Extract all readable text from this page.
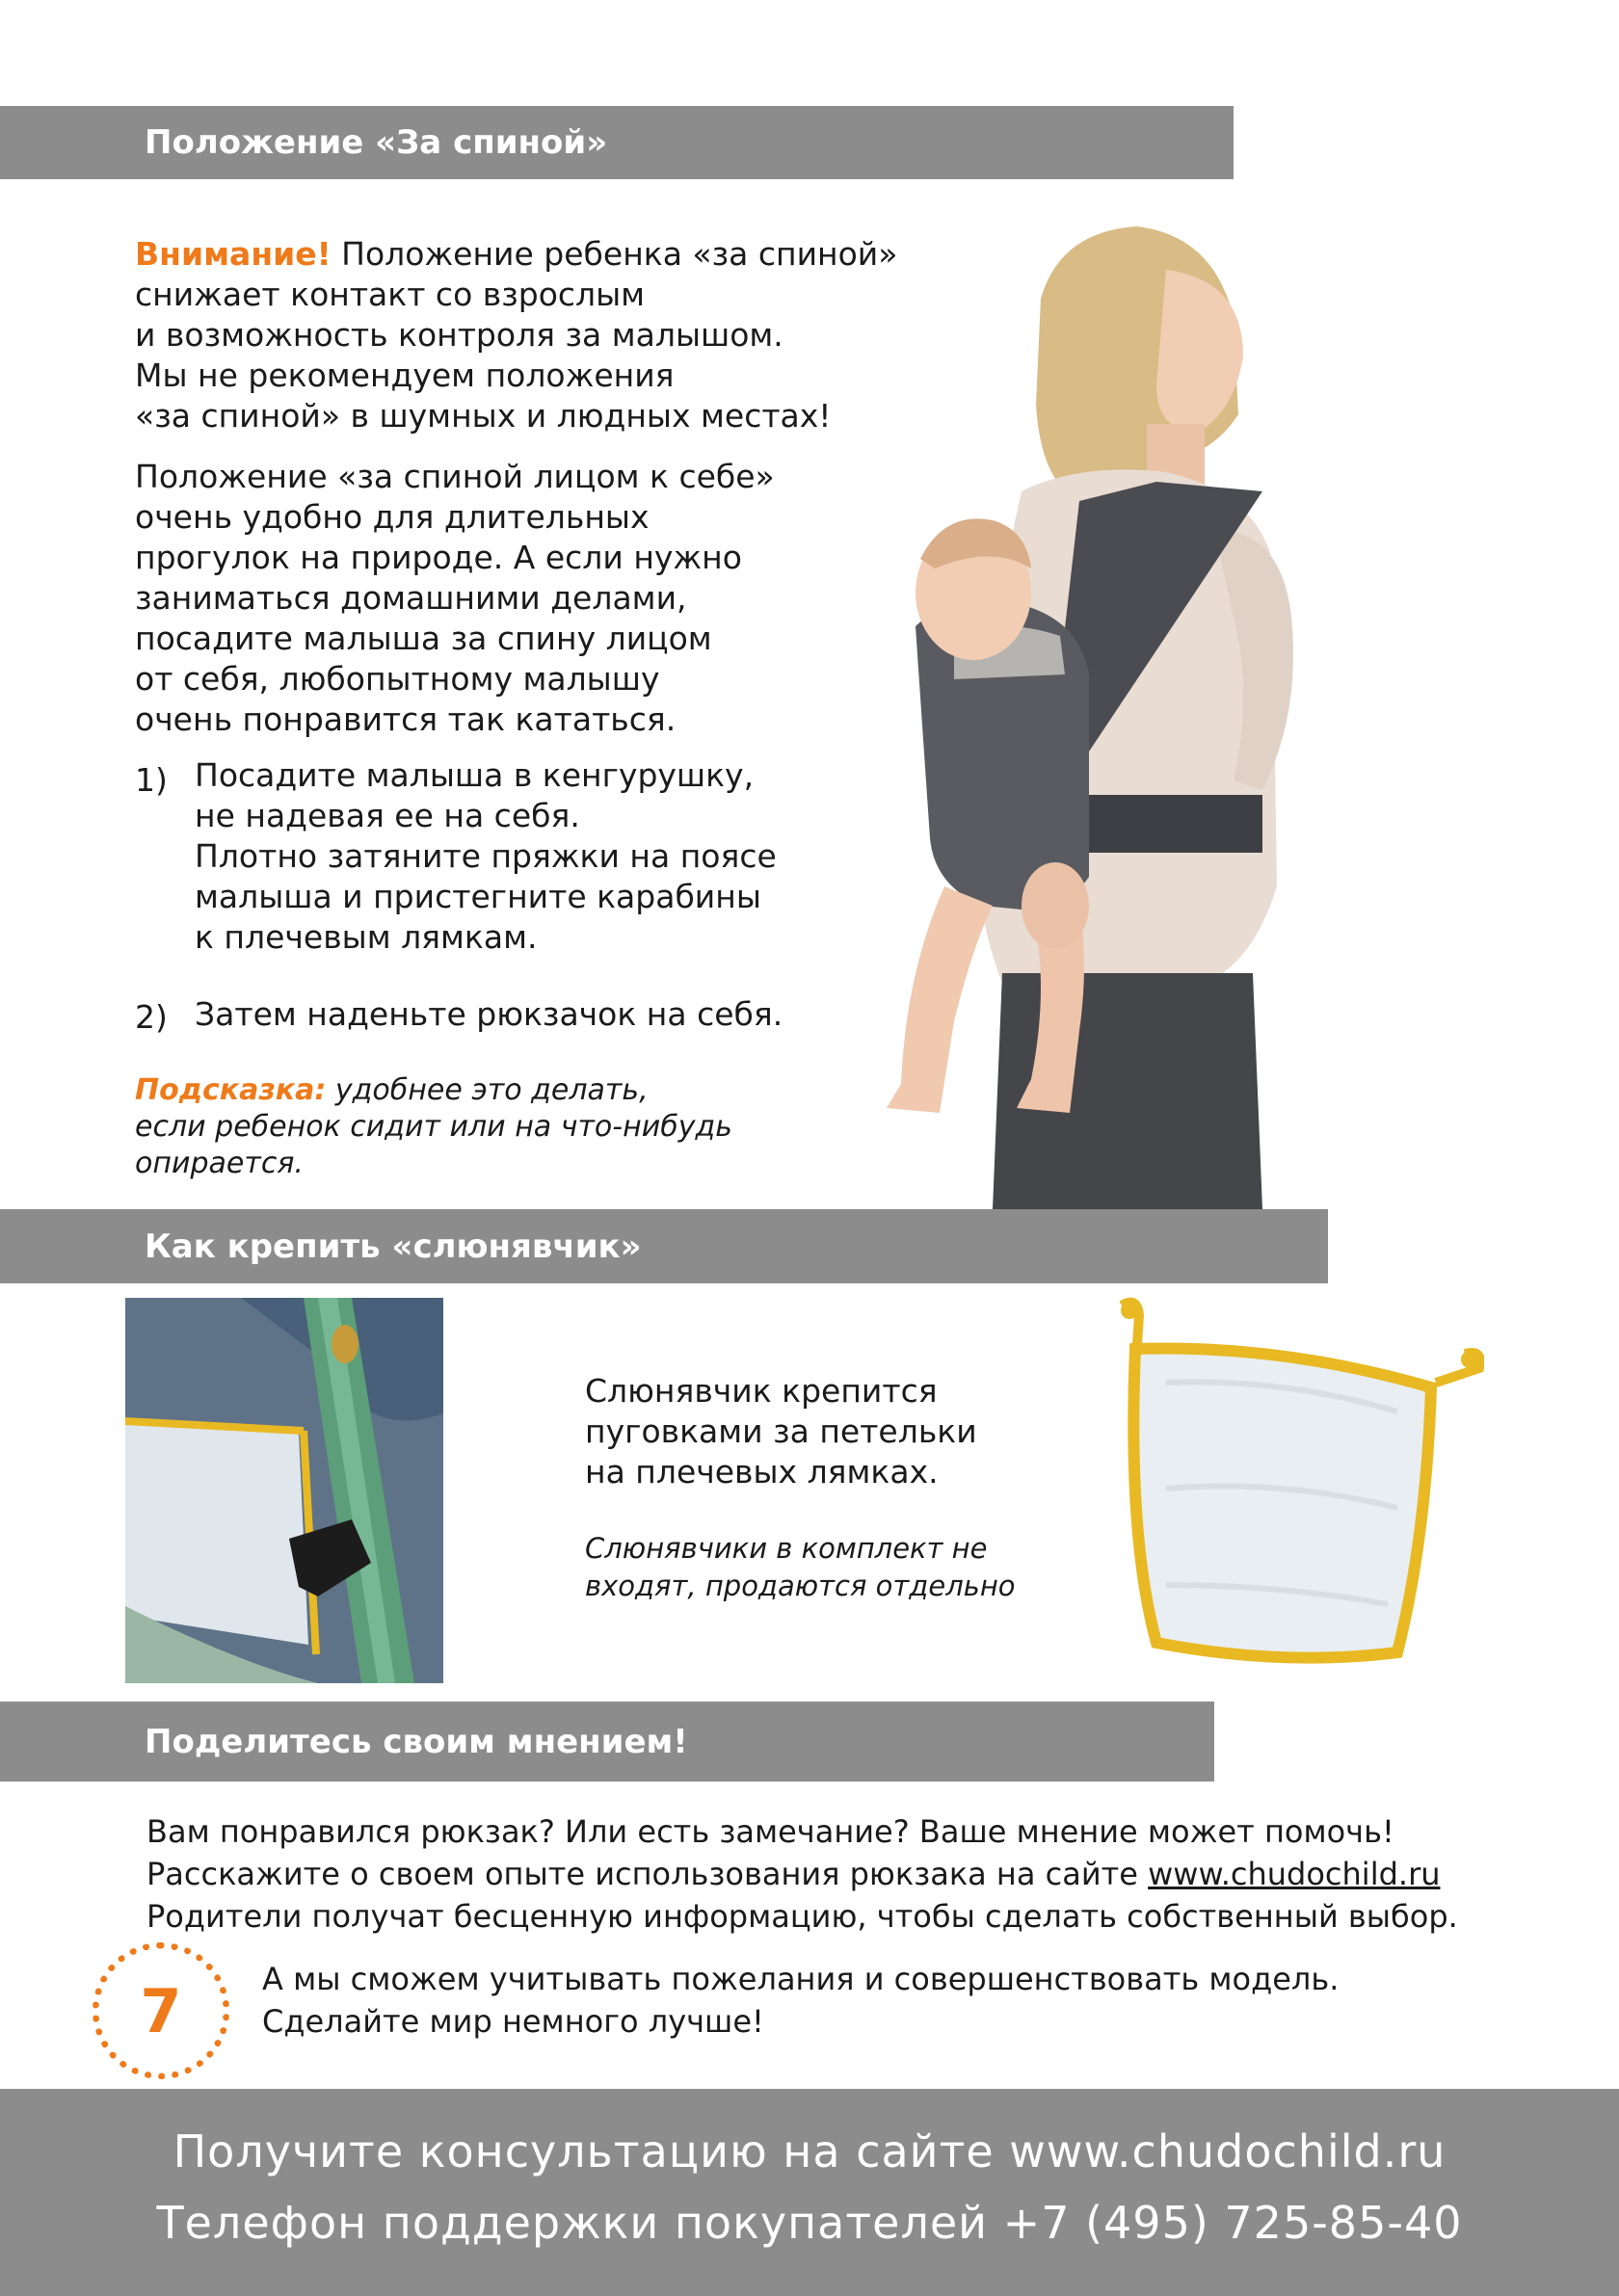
Положение «За спиной»

Внимание! Положение ребенка «за спиной»
снижает контакт со взрослым
и возможность контроля за малышом.
Мы не рекомендуем положения
«за спиной» в шумных и людных местах!

Положение «за спиной лицом к себе»
очень удобно для длительных
прогулок на природе. А если нужно
заниматься домашними делами,
посадите малыша за спину лицом
от себя, любопытному малышу
очень понравится так кататься.

1) Посадите малыша в кенгурушку,
не надевая ее на себя.
Плотно затяните пряжки на поясе
малыша и пристегните карабины
к плечевым лямкам.

2) Затем наденьте рюкзачок на себя.

Подсказка: удобнее это делать,
если ребенок сидит или на что-нибудь
опирается.

Как крепить «слюнявчик»

Слюнявчик крепится
пуговками за петельки
на плечевых лямках.

Слюнявчики в комплект не
входят, продаются отдельно

Поделитесь своим мнением!

Вам понравился рюкзак? Или есть замечание? Ваше мнение может помочь!
Расскажите о своем опыте использования рюкзака на сайте www.chudochild.ru
Родители получат бесценную информацию, чтобы сделать собственный выбор.

А мы сможем учитывать пожелания и совершенствовать модель.
Сделайте мир немного лучше!

7
Получите консультацию на сайте www.chudochild.ru
Телефон поддержки покупателей +7 (495) 725-85-40
